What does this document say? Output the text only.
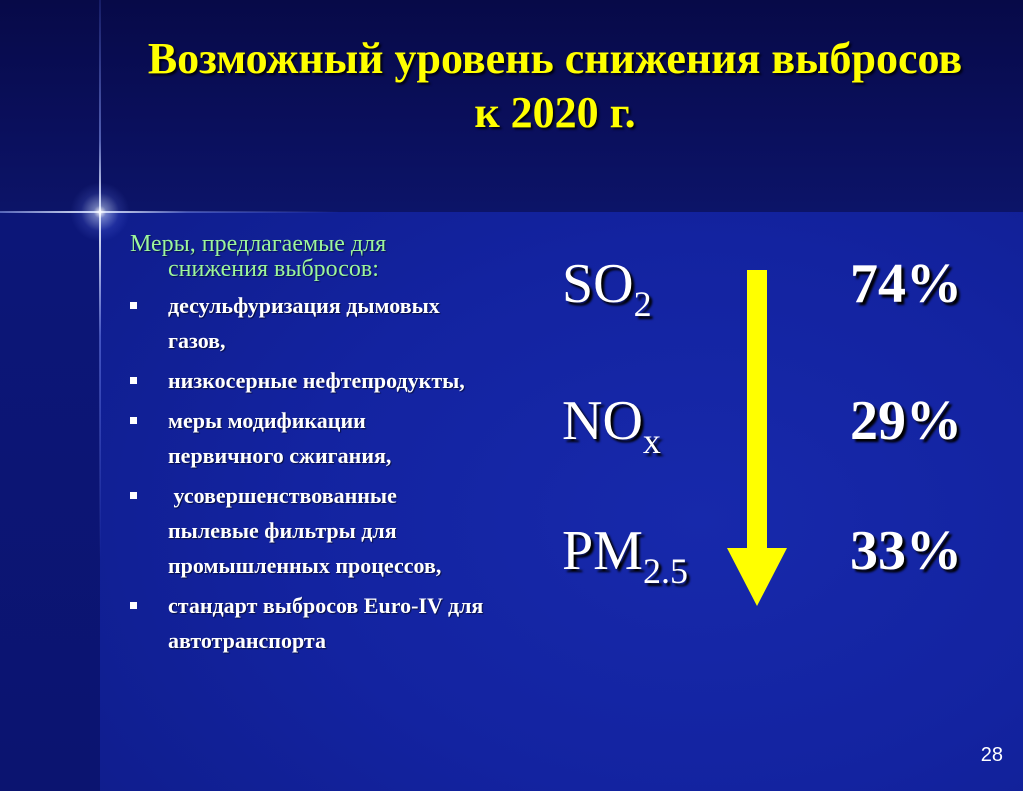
Возможный уровень снижения выбросов
к 2020 г.
Меры, предлагаемые для
снижения выбросов:
десульфуризация дымовых
газов,
низкосерные нефтепродукты,
меры модификации
первичного сжигания,
усовершенствованные
пылевые фильтры для
промышленных процессов,
стандарт выбросов Euro-IV для
автотранспорта
$SO_2$	74%
$NO_x$	29%
$PM_{2.5}$	33%
28
